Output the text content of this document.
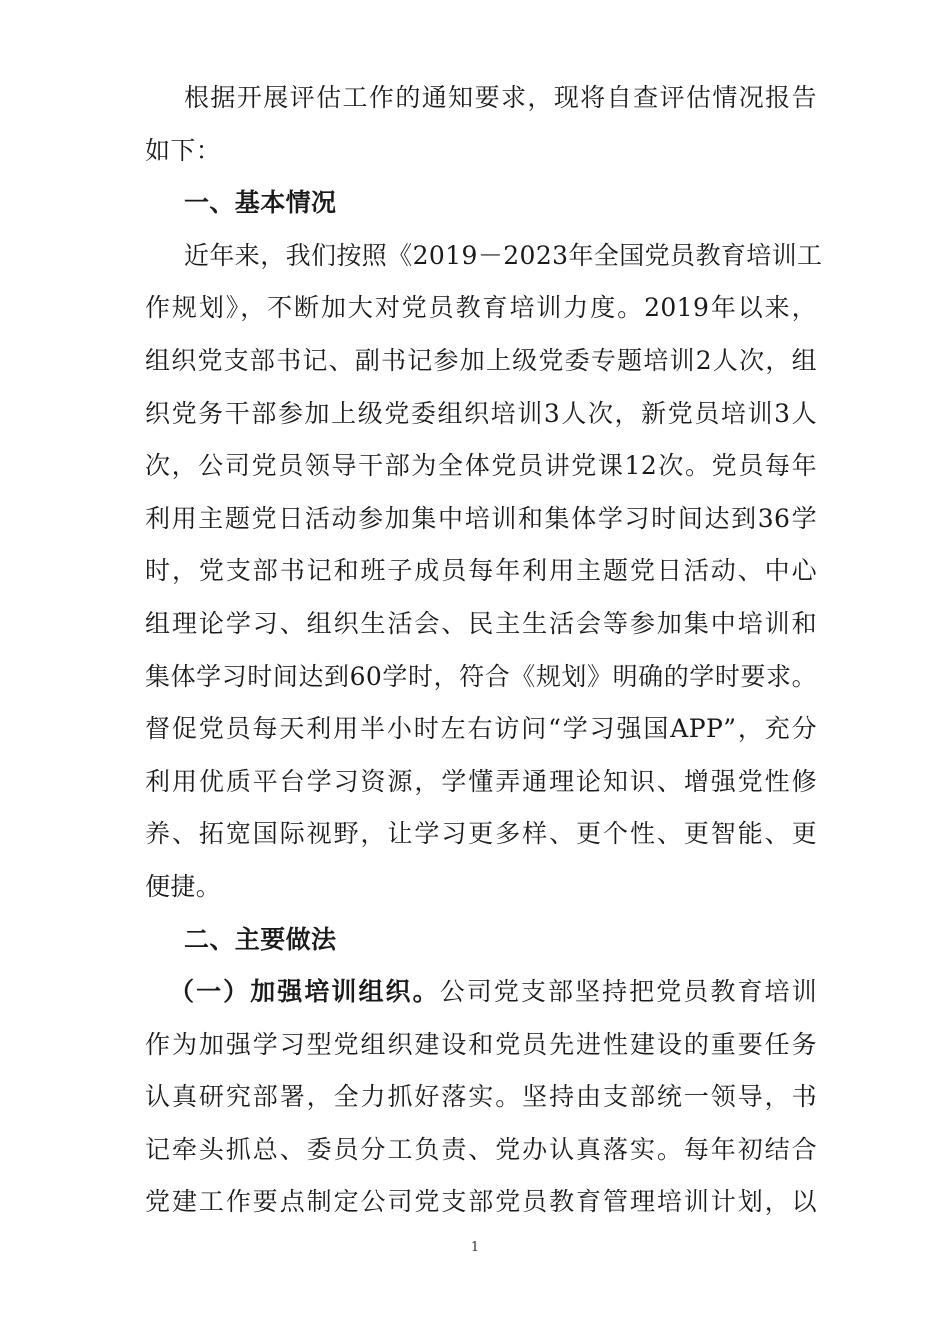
根据开展评估工作的通知要求，现将自查评估情况报告
如下：
一、基本情况
近年来，我们按照《2019－2023年全国党员教育培训工
作规划》，不断加大对党员教育培训力度。2019年以来，
组织党支部书记、副书记参加上级党委专题培训2人次，组
织党务干部参加上级党委组织培训3人次，新党员培训3人
次，公司党员领导干部为全体党员讲党课12次。党员每年
利用主题党日活动参加集中培训和集体学习时间达到36学
时，党支部书记和班子成员每年利用主题党日活动、中心
组理论学习、组织生活会、民主生活会等参加集中培训和
集体学习时间达到60学时，符合《规划》明确的学时要求。
督促党员每天利用半小时左右访问“学习强国APP”，充分
利用优质平台学习资源，学懂弄通理论知识、增强党性修
养、拓宽国际视野，让学习更多样、更个性、更智能、更
便捷。
二、主要做法
（一）加强培训组织。公司党支部坚持把党员教育培训
作为加强学习型党组织建设和党员先进性建设的重要任务
认真研究部署，全力抓好落实。坚持由支部统一领导，书
记牵头抓总、委员分工负责、党办认真落实。每年初结合
党建工作要点制定公司党支部党员教育管理培训计划，以
1
